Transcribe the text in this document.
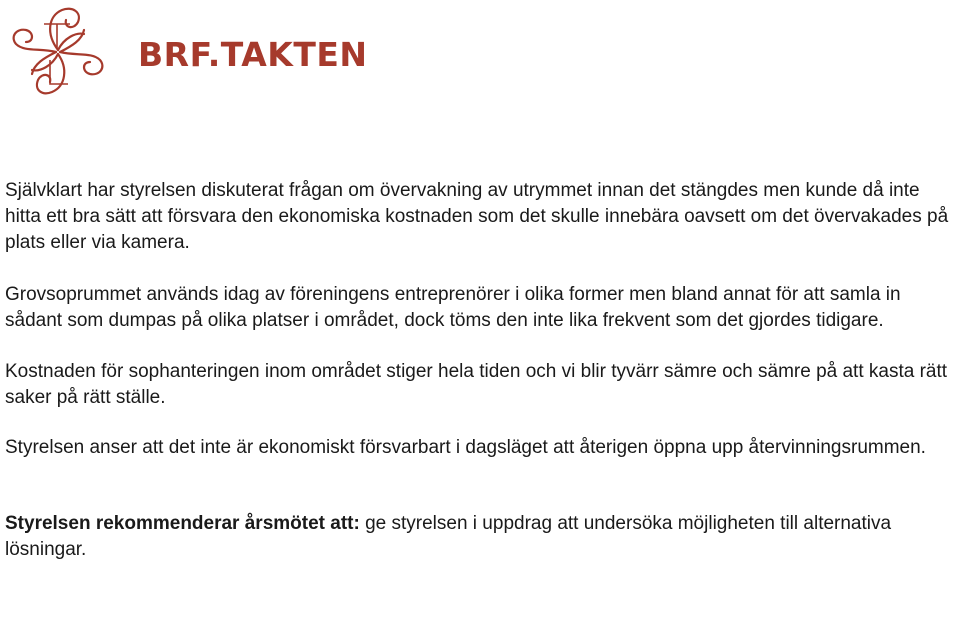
BRF.TAKTEN

Självklart har styrelsen diskuterat frågan om övervakning av utrymmet innan det stängdes men kunde då inte hitta ett bra sätt att försvara den ekonomiska kostnaden som det skulle innebära oavsett om det övervakades på plats eller via kamera.

Grovsoprummet används idag av föreningens entreprenörer i olika former men bland annat för att samla in sådant som dumpas på olika platser i området, dock töms den inte lika frekvent som det gjordes tidigare.

Kostnaden för sophanteringen inom området stiger hela tiden och vi blir tyvärr sämre och sämre på att kasta rätt saker på rätt ställe.

Styrelsen anser att det inte är ekonomiskt försvarbart i dagsläget att återigen öppna upp återvinningsrummen.

Styrelsen rekommenderar årsmötet att: ge styrelsen i uppdrag att undersöka möjligheten till alternativa lösningar.
